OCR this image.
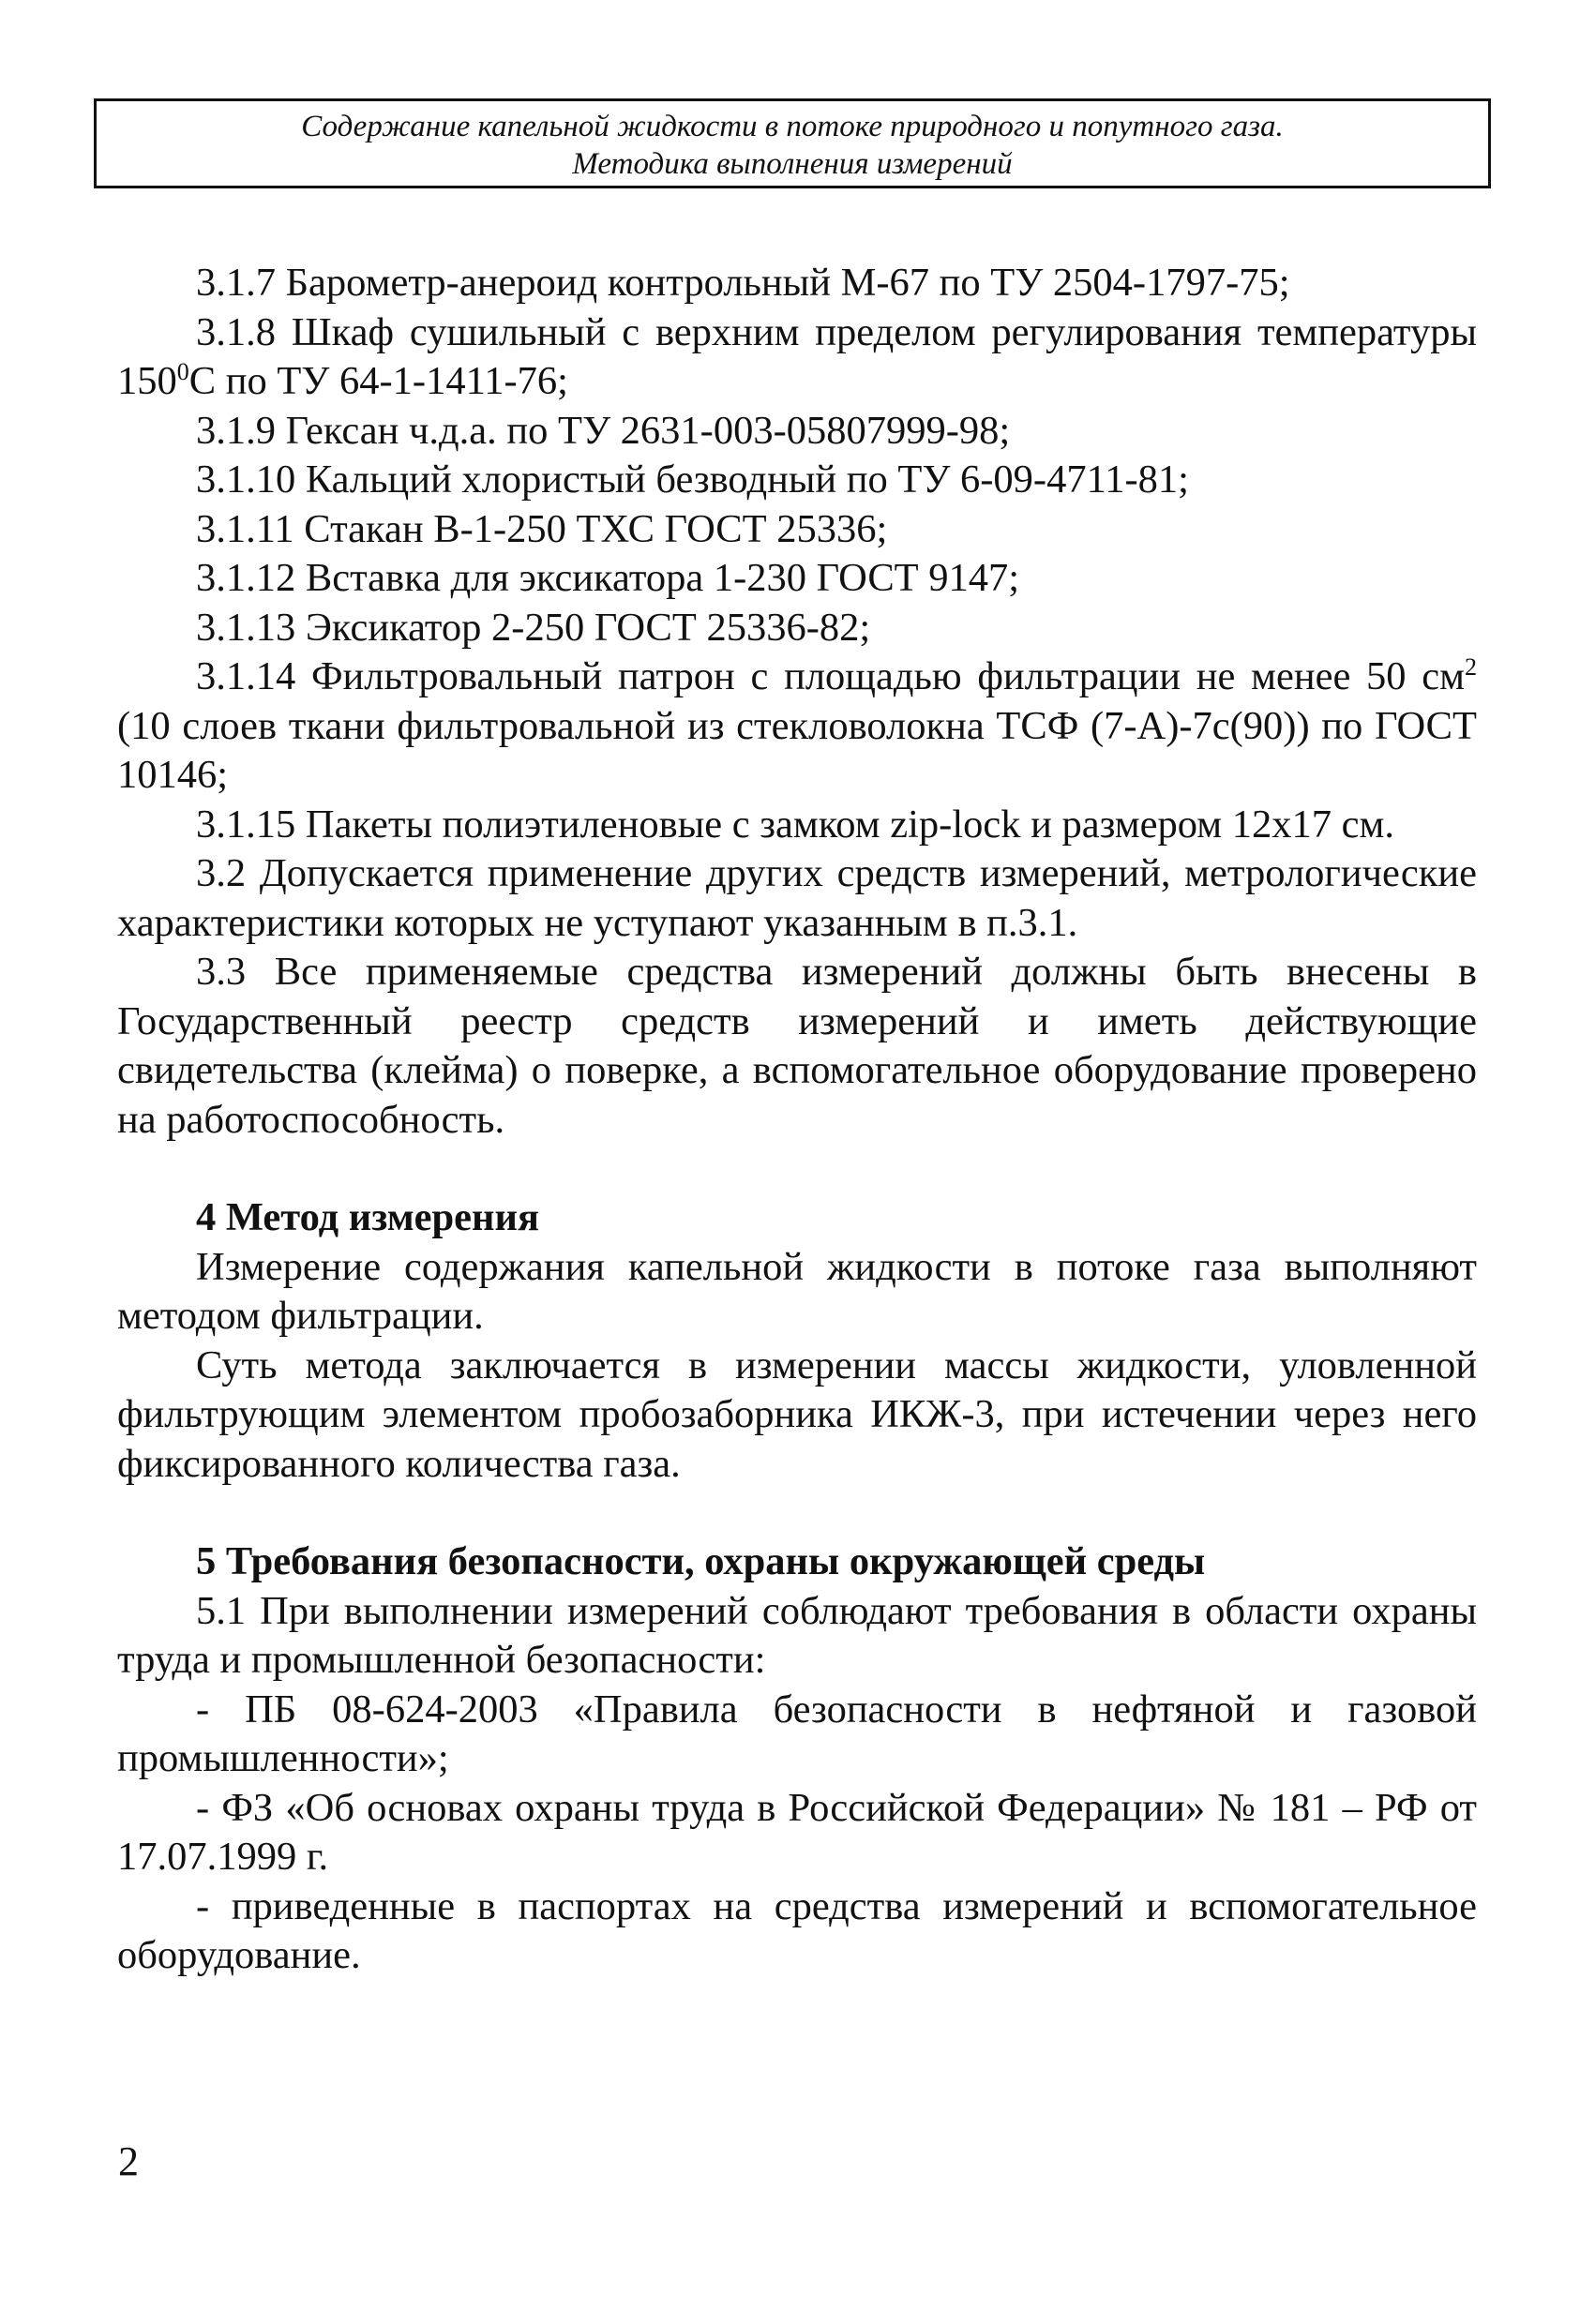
Содержание капельной жидкости в потоке природного и попутного газа.
Методика выполнения измерений

3.1.7 Барометр-анероид контрольный М-67 по ТУ 2504-1797-75;

3.1.8 Шкаф сушильный с верхним пределом регулирования температуры $150^0С$ по ТУ 64-1-1411-76;

3.1.9 Гексан ч.д.а. по ТУ 2631-003-05807999-98;

3.1.10 Кальций хлористый безводный по ТУ 6-09-4711-81;

3.1.11 Стакан В-1-250 ТХС ГОСТ 25336;

3.1.12 Вставка для эксикатора 1-230 ГОСТ 9147;

3.1.13 Эксикатор 2-250 ГОСТ 25336-82;

3.1.14 Фильтровальный патрон с площадью фильтрации не менее 50 $см^2$ (10 слоев ткани фильтровальной из стекловолокна ТСФ (7-А)-7с(90)) по ГОСТ 10146;

3.1.15 Пакеты полиэтиленовые с замком zip-lock и размером 12x17 см.

3.2 Допускается применение других средств измерений, метрологические характеристики которых не уступают указанным в п.3.1.

3.3 Все применяемые средства измерений должны быть внесены в Государственный реестр средств измерений и иметь действующие свидетельства (клейма) о поверке, а вспомогательное оборудование проверено на работоспособность.

4 Метод измерения

Измерение содержания капельной жидкости в потоке газа выполняют методом фильтрации.

Суть метода заключается в измерении массы жидкости, уловленной фильтрующим элементом пробозаборника ИКЖ-3, при истечении через него фиксированного количества газа.

5 Требования безопасности, охраны окружающей среды

5.1 При выполнении измерений соблюдают требования в области охраны труда и промышленной безопасности:

- ПБ 08-624-2003 «Правила безопасности в нефтяной и газовой промышленности»;

- ФЗ «Об основах охраны труда в Российской Федерации» № 181 – РФ от 17.07.1999 г.

- приведенные в паспортах на средства измерений и вспомогательное оборудование.

2
